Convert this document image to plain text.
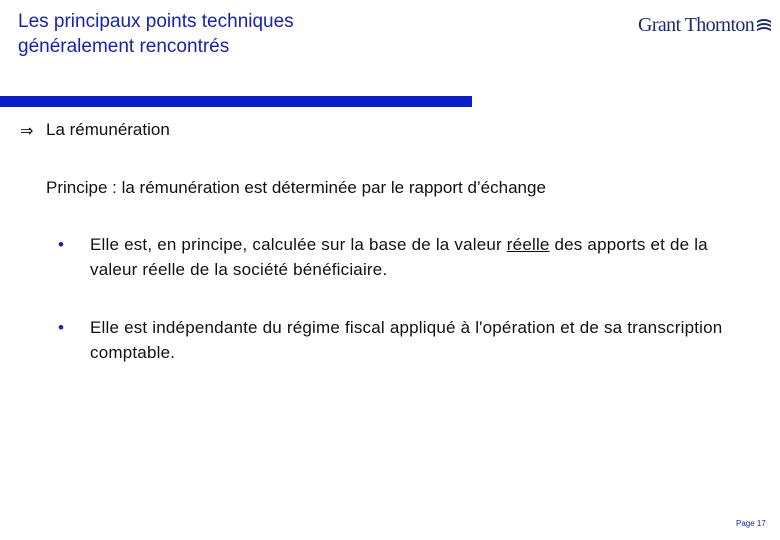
Les principaux points techniques
généralement rencontrés
Grant Thornton
⇒ La rémunération
Principe : la rémunération est déterminée par le rapport d’échange
• Elle est, en principe, calculée sur la base de la valeur réelle des apports et de la valeur réelle de la société bénéficiaire.
• Elle est indépendante du régime fiscal appliqué à l'opération et de sa transcription comptable.
Page 17
